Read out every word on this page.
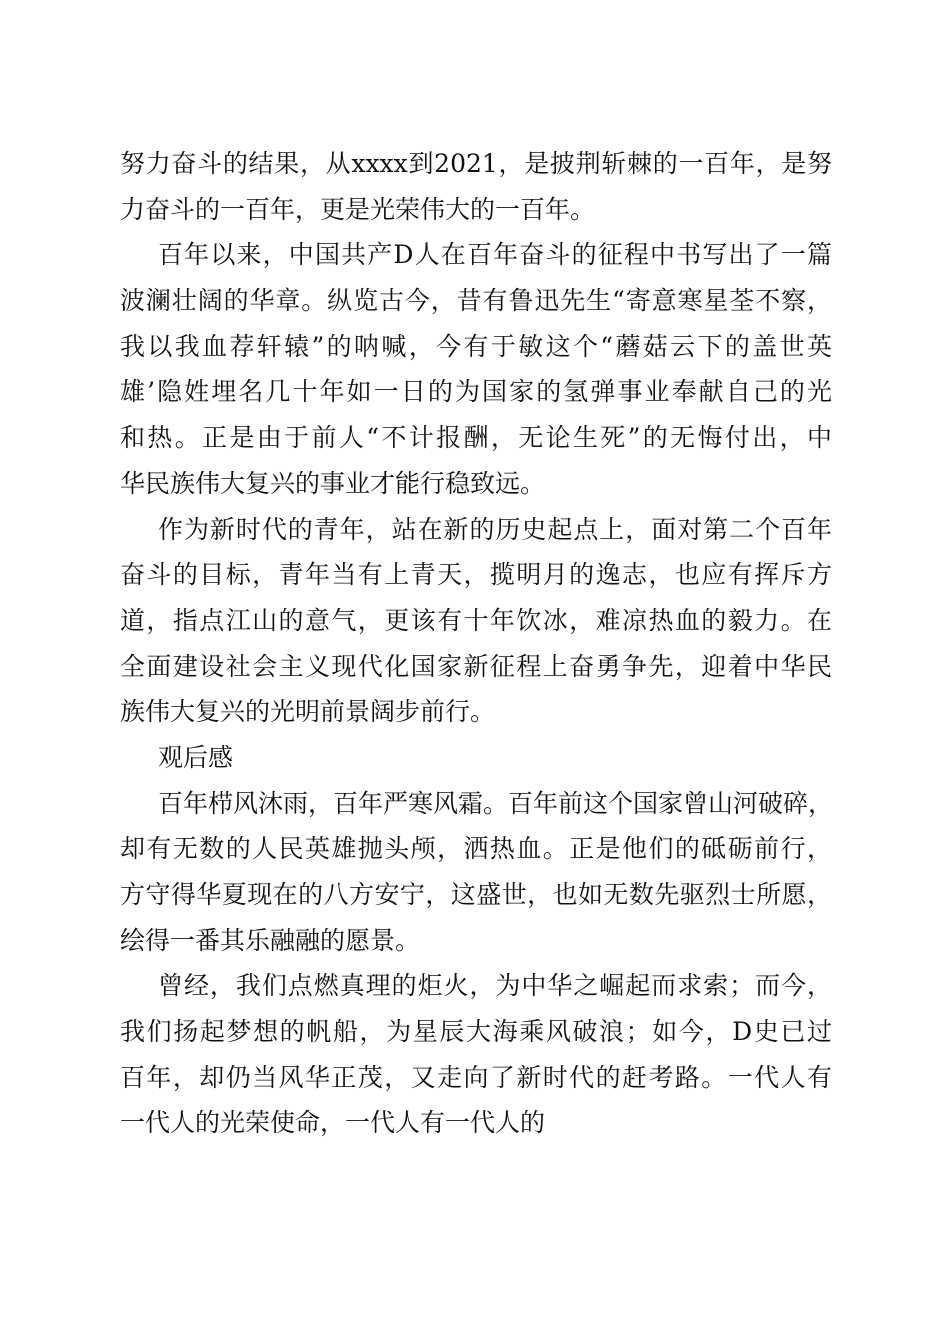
努力奋斗的结果，从xxxx到2021，是披荆斩棘的一百年，是努
力奋斗的一百年，更是光荣伟大的一百年。
百年以来，中国共产D人在百年奋斗的征程中书写出了一篇
波澜壮阔的华章。纵览古今，昔有鲁迅先生“寄意寒星荃不察，
我以我血荐轩辕”的呐喊，今有于敏这个“蘑菇云下的盖世英
雄’隐姓埋名几十年如一日的为国家的氢弹事业奉献自己的光
和热。正是由于前人“不计报酬，无论生死”的无悔付出，中
华民族伟大复兴的事业才能行稳致远。
作为新时代的青年，站在新的历史起点上，面对第二个百年
奋斗的目标，青年当有上青天，揽明月的逸志，也应有挥斥方
道，指点江山的意气，更该有十年饮冰，难凉热血的毅力。在
全面建设社会主义现代化国家新征程上奋勇争先，迎着中华民
族伟大复兴的光明前景阔步前行。
观后感
百年栉风沐雨，百年严寒风霜。百年前这个国家曾山河破碎，
却有无数的人民英雄抛头颅，洒热血。正是他们的砥砺前行，
方守得华夏现在的八方安宁，这盛世，也如无数先驱烈士所愿，
绘得一番其乐融融的愿景。
曾经，我们点燃真理的炬火，为中华之崛起而求索；而今，
我们扬起梦想的帆船，为星辰大海乘风破浪；如今，D史已过
百年，却仍当风华正茂，又走向了新时代的赶考路。一代人有
一代人的光荣使命，一代人有一代人的
